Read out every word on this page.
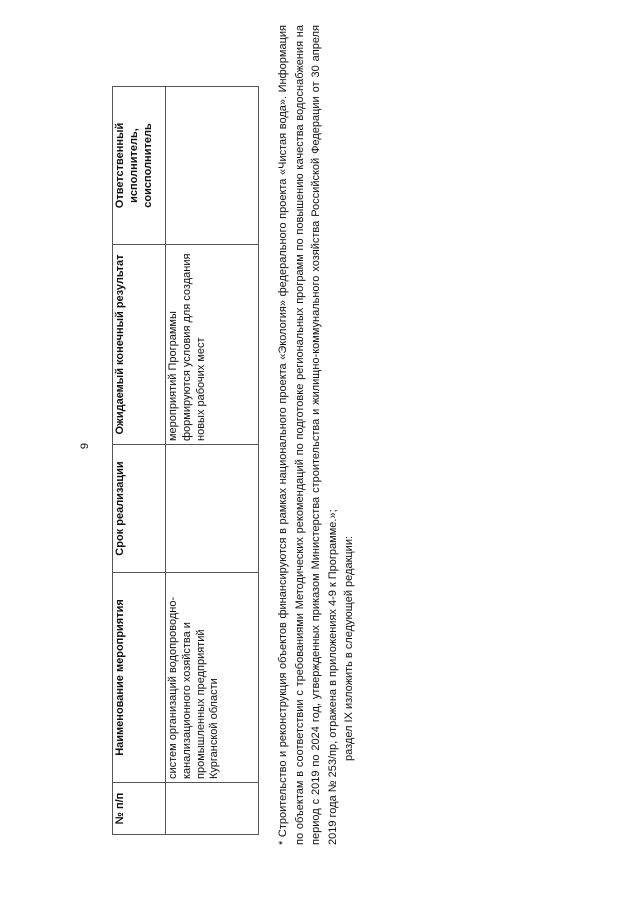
9
№ п/п	Наименование мероприятия	Срок реализации	Ожидаемый конечный результат	Ответственный исполнитель, соисполнитель
	систем организаций водопроводно-канализационного хозяйства и промышленных предприятий Курганской области		мероприятий Программы формируются условия для создания новых рабочих мест		* Строительство и реконструкция объектов финансируются в рамках национального проекта «Экология» федерального проекта «Чистая вода». Информация по объектам в соответствии с требованиями Методических рекомендаций по подготовке региональных программ по повышению качества водоснабжения на период с 2019 по 2024 год, утвержденных приказом Министерства строительства и жилищно-коммунального хозяйства Российской Федерации от 30 апреля 2019 года № 253/пр, отражена в приложениях 4-9 к Программе.»; раздел IX изложить в следующей редакции:
